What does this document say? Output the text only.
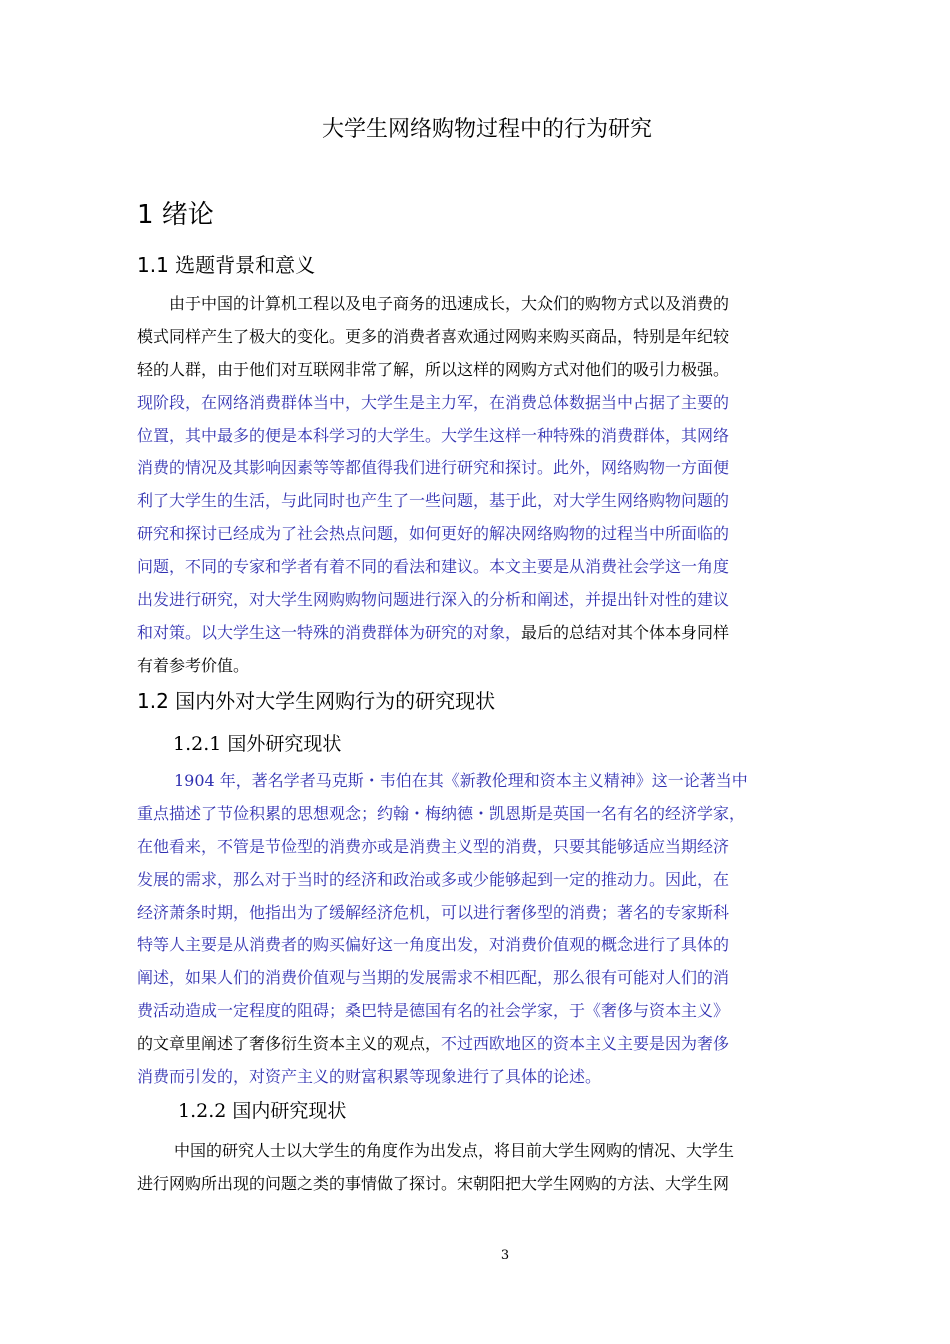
大学生网络购物过程中的行为研究
1 绪论
1.1 选题背景和意义
由于中国的计算机工程以及电子商务的迅速成长，大众们的购物方式以及消费的
模式同样产生了极大的变化。更多的消费者喜欢通过网购来购买商品，特别是年纪较
轻的人群，由于他们对互联网非常了解，所以这样的网购方式对他们的吸引力极强。
现阶段，在网络消费群体当中，大学生是主力军，在消费总体数据当中占据了主要的
位置，其中最多的便是本科学习的大学生。大学生这样一种特殊的消费群体，其网络
消费的情况及其影响因素等等都值得我们进行研究和探讨。此外，网络购物一方面便
利了大学生的生活，与此同时也产生了一些问题，基于此，对大学生网络购物问题的
研究和探讨已经成为了社会热点问题，如何更好的解决网络购物的过程当中所面临的
问题，不同的专家和学者有着不同的看法和建议。本文主要是从消费社会学这一角度
出发进行研究，对大学生网购购物问题进行深入的分析和阐述，并提出针对性的建议
和对策。以大学生这一特殊的消费群体为研究的对象，最后的总结对其个体本身同样
有着参考价值。
1.2 国内外对大学生网购行为的研究现状
1.2.1 国外研究现状
1904 年，著名学者马克斯・韦伯在其《新教伦理和资本主义精神》这一论著当中
重点描述了节俭积累的思想观念；约翰・梅纳德・凯恩斯是英国一名有名的经济学家，
在他看来，不管是节俭型的消费亦或是消费主义型的消费，只要其能够适应当期经济
发展的需求，那么对于当时的经济和政治或多或少能够起到一定的推动力。因此，在
经济萧条时期，他指出为了缓解经济危机，可以进行奢侈型的消费；著名的专家斯科
特等人主要是从消费者的购买偏好这一角度出发，对消费价值观的概念进行了具体的
阐述，如果人们的消费价值观与当期的发展需求不相匹配，那么很有可能对人们的消
费活动造成一定程度的阻碍；桑巴特是德国有名的社会学家，于《奢侈与资本主义》
的文章里阐述了奢侈衍生资本主义的观点，不过西欧地区的资本主义主要是因为奢侈
消费而引发的，对资产主义的财富积累等现象进行了具体的论述。
1.2.2 国内研究现状
中国的研究人士以大学生的角度作为出发点，将目前大学生网购的情况、大学生
进行网购所出现的问题之类的事情做了探讨。宋朝阳把大学生网购的方法、大学生网
3
